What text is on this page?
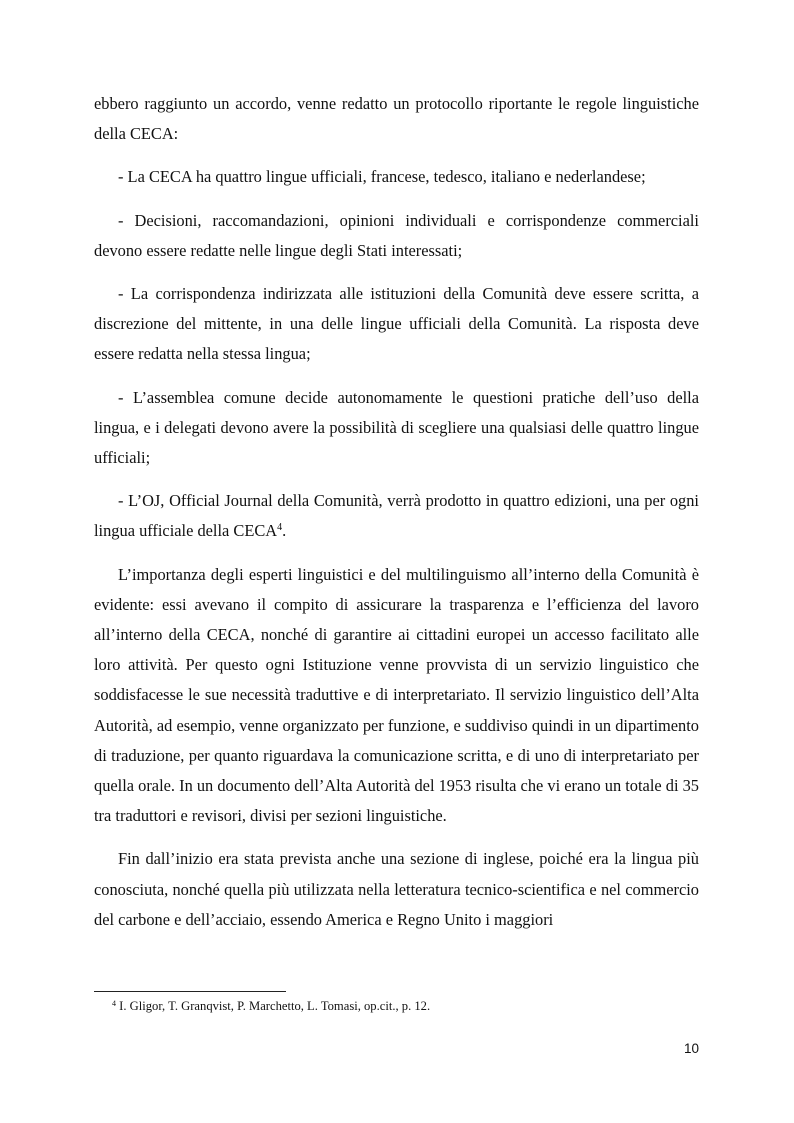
ebbero raggiunto un accordo, venne redatto un protocollo riportante le regole linguistiche della CECA:

- La CECA ha quattro lingue ufficiali, francese, tedesco, italiano e nederlandese;

- Decisioni, raccomandazioni, opinioni individuali e corrispondenze commerciali devono essere redatte nelle lingue degli Stati interessati;

- La corrispondenza indirizzata alle istituzioni della Comunità deve essere scritta, a discrezione del mittente, in una delle lingue ufficiali della Comunità. La risposta deve essere redatta nella stessa lingua;

- L’assemblea comune decide autonomamente le questioni pratiche dell’uso della lingua, e i delegati devono avere la possibilità di scegliere una qualsiasi delle quattro lingue ufficiali;

- L’OJ, Official Journal della Comunità, verrà prodotto in quattro edizioni, una per ogni lingua ufficiale della CECA$^4$.

L’importanza degli esperti linguistici e del multilinguismo all’interno della Comunità è evidente: essi avevano il compito di assicurare la trasparenza e l’efficienza del lavoro all’interno della CECA, nonché di garantire ai cittadini europei un accesso facilitato alle loro attività. Per questo ogni Istituzione venne provvista di un servizio linguistico che soddisfacesse le sue necessità traduttive e di interpretariato. Il servizio linguistico dell’Alta Autorità, ad esempio, venne organizzato per funzione, e suddiviso quindi in un dipartimento di traduzione, per quanto riguardava la comunicazione scritta, e di uno di interpretariato per quella orale. In un documento dell’Alta Autorità del 1953 risulta che vi erano un totale di 35 tra traduttori e revisori, divisi per sezioni linguistiche.

Fin dall’inizio era stata prevista anche una sezione di inglese, poiché era la lingua più conosciuta, nonché quella più utilizzata nella letteratura tecnico-scientifica e nel commercio del carbone e dell’acciaio, essendo America e Regno Unito i maggiori

$^4$ I. Gligor, T. Granqvist, P. Marchetto, L. Tomasi, op.cit., p. 12.
10
